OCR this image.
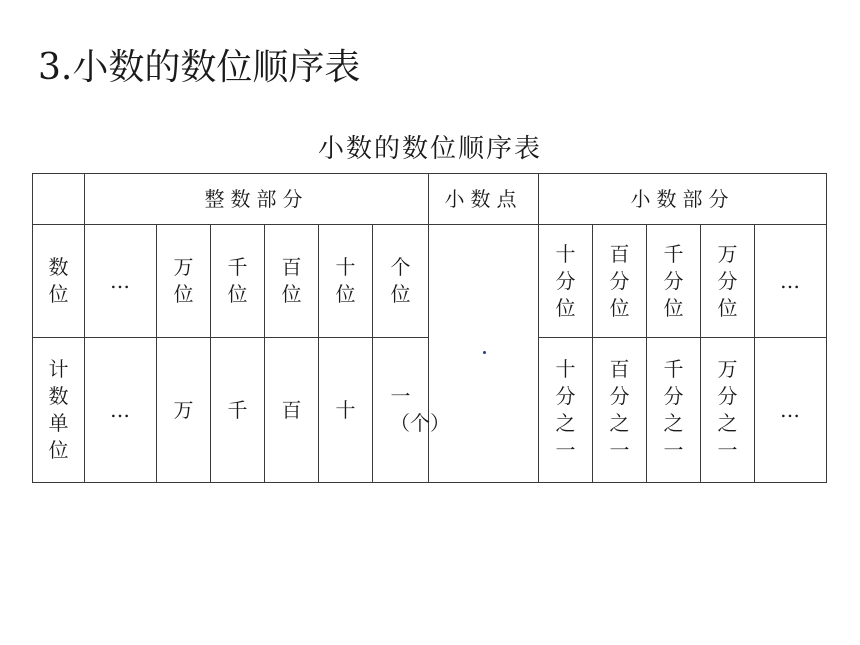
3.小数的数位顺序表
小数的数位顺序表
	整数部分						小数点	小数部分				
数位	…	万位	千位	百位	十位	个位		十分位	百分位	千分位	万分位	…
计数单位	…	万	千	百	十	一（个）		十分之一	百分之一	千分之一	万分之一	…
